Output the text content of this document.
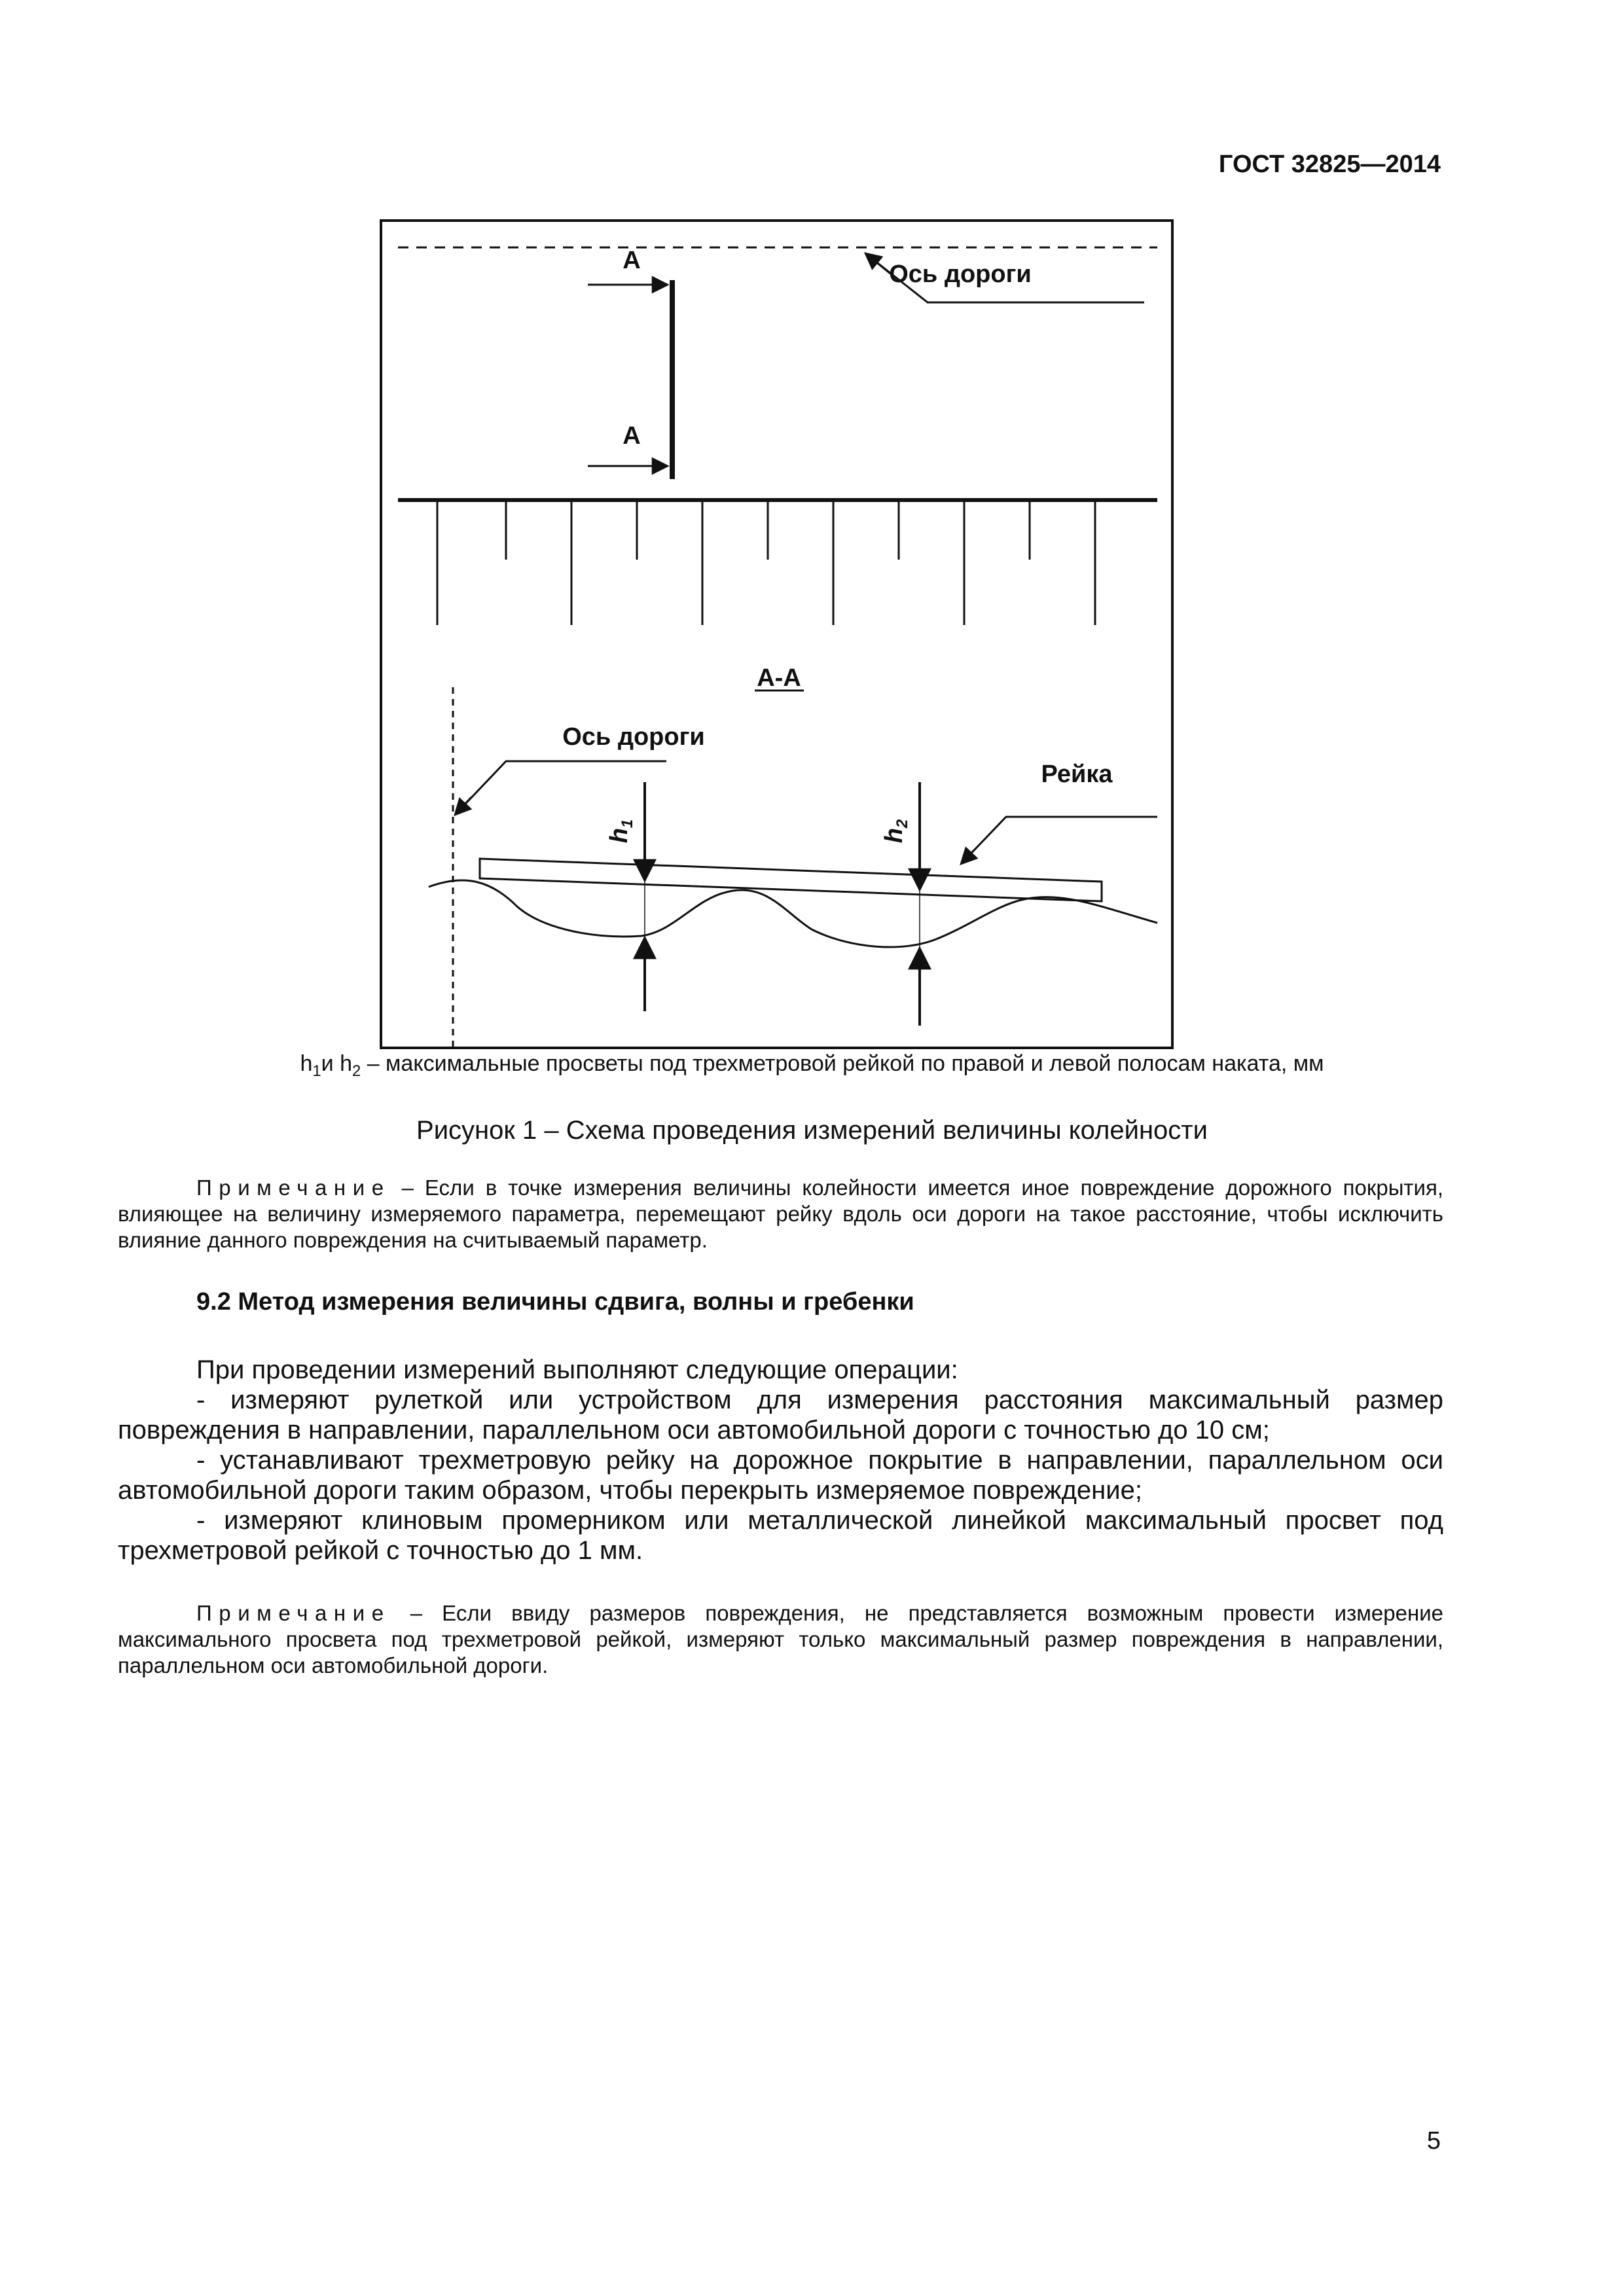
ГОСТ 32825—2014
А
А
Ось дороги
А-А
Ось дороги
Рейка
$h_1$
$h_2$
$h_1и$ $h_2$ – максимальные просветы под трехметровой рейкой по правой и левой полосам наката, мм
Рисунок 1 – Схема проведения измерений величины колейности
Примечание – Если в точке измерения величины колейности имеется иное повреждение дорожного покрытия, влияющее на величину измеряемого параметра, перемещают рейку вдоль оси дороги на такое расстояние, чтобы исключить влияние данного повреждения на считываемый параметр.
9.2 Метод измерения величины сдвига, волны и гребенки

При проведении измерений выполняют следующие операции:

- измеряют рулеткой или устройством для измерения расстояния максимальный размер повреждения в направлении, параллельном оси автомобильной дороги с точностью до 10 см;

- устанавливают трехметровую рейку на дорожное покрытие в направлении, параллельном оси автомобильной дороги таким образом, чтобы перекрыть измеряемое повреждение;

- измеряют клиновым промерником или металлической линейкой максимальный просвет под трехметровой рейкой с точностью до 1 мм.

Примечание – Если ввиду размеров повреждения, не представляется возможным провести измерение максимального просвета под трехметровой рейкой, измеряют только максимальный размер повреждения в направлении, параллельном оси автомобильной дороги.
5
